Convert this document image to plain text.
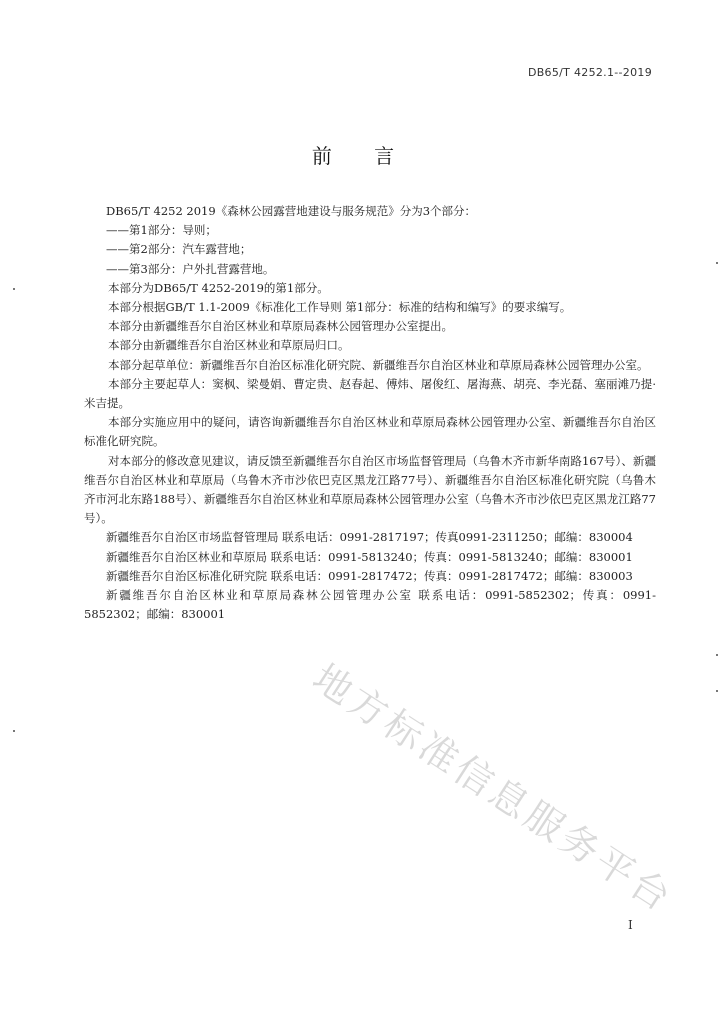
DB65/T 4252.1--2019
前 言

DB65/T 4252 2019《森林公园露营地建设与服务规范》分为3个部分：

——第1部分：导则；

——第2部分：汽车露营地；

——第3部分：户外扎营露营地。

本部分为DB65/T 4252-2019的第1部分。

本部分根据GB/T 1.1-2009《标准化工作导则 第1部分：标准的结构和编写》的要求编写。

本部分由新疆维吾尔自治区林业和草原局森林公园管理办公室提出。

本部分由新疆维吾尔自治区林业和草原局归口。

本部分起草单位：新疆维吾尔自治区标准化研究院、新疆维吾尔自治区林业和草原局森林公园管理办公室。

本部分主要起草人：窦枫、梁曼娟、曹定贵、赵春起、傅炜、屠俊红、屠海燕、胡亮、李光磊、塞丽滩乃提·米吉提。

本部分实施应用中的疑问，请咨询新疆维吾尔自治区林业和草原局森林公园管理办公室、新疆维吾尔自治区标准化研究院。

对本部分的修改意见建议，请反馈至新疆维吾尔自治区市场监督管理局（乌鲁木齐市新华南路167号）、新疆维吾尔自治区林业和草原局（乌鲁木齐市沙依巴克区黑龙江路77号）、新疆维吾尔自治区标准化研究院（乌鲁木齐市河北东路188号）、新疆维吾尔自治区林业和草原局森林公园管理办公室（乌鲁木齐市沙依巴克区黑龙江路77号）。

新疆维吾尔自治区市场监督管理局 联系电话：0991-2817197；传真0991-2311250；邮编：830004

新疆维吾尔自治区林业和草原局 联系电话：0991-5813240；传真：0991-5813240；邮编：830001

新疆维吾尔自治区标准化研究院 联系电话：0991-2817472；传真：0991-2817472；邮编：830003

新疆维吾尔自治区林业和草原局森林公园管理办公室 联系电话：0991-5852302；传真：0991-5852302；邮编：830001

地方标准信息服务平台
I
